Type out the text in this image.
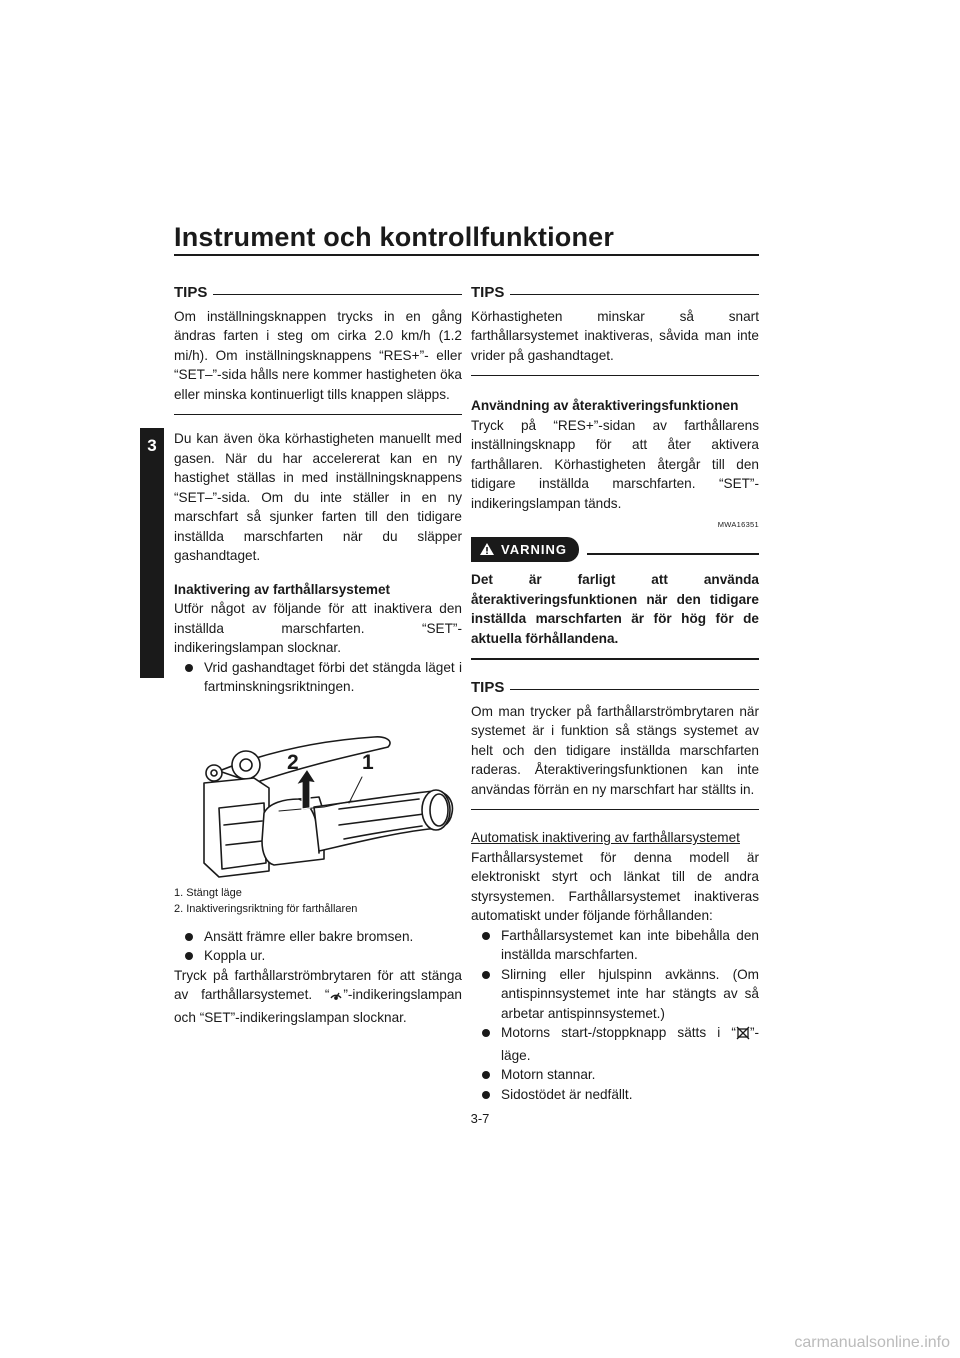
Instrument och kontrollfunktioner
3
TIPS

Om inställningsknappen trycks in en gång ändras farten i steg om cirka 2.0 km/h (1.2 mi/h). Om inställningsknappens “RES+”- eller “SET–”-sida hålls nere kommer hastigheten öka eller minska kontinuerligt tills knappen släpps.

Du kan även öka körhastigheten manuellt med gasen. När du har accelererat kan en ny hastighet ställas in med inställningsknappens “SET–”-sida. Om du inte ställer in en ny marschfart så sjunker farten till den tidigare inställda marschfarten när du släpper gashandtaget.

Inaktivering av farthållarsystemet

Utför något av följande för att inaktivera den inställda marschfarten. “SET”-indikeringslampan slocknar.

Vrid gashandtaget förbi det stängda läget i fartminskningsriktningen.
2	1
1. Stängt läge
2. Inaktiveringsriktning för farthållaren
Ansätt främre eller bakre bromsen.
Koppla ur.

Tryck på farthållarströmbrytaren för att stänga av farthållarsystemet. “ ”-indikeringslampan och “SET”-indikeringslampan slocknar.

TIPS

Körhastigheten minskar så snart farthållarsystemet inaktiveras, såvida man inte vrider på gashandtaget.

Användning av återaktiveringsfunktionen

Tryck på “RES+”-sidan av farthållarens inställningsknapp för att åter aktivera farthållaren. Körhastigheten återgår till den tidigare inställda marschfarten. “SET”-indikeringslampan tänds.

MWA16351
VARNING

Det är farligt att använda återaktiveringsfunktionen när den tidigare inställda marschfarten är för hög för de aktuella förhållandena.

TIPS

Om man trycker på farthållarströmbrytaren när systemet är i funktion så stängs systemet av helt och den tidigare inställda marschfarten raderas. Återaktiveringsfunktionen kan inte användas förrän en ny marschfart har ställts in.

Automatisk inaktivering av farthållarsystemet

Farthållarsystemet för denna modell är elektroniskt styrt och länkat till de andra styrsystemen. Farthållarsystemet inaktiveras automatiskt under följande förhållanden:

Farthållarsystemet kan inte bibehålla den inställda marschfarten.
Slirning eller hjulspinn avkänns. (Om antispinnsystemet inte har stängts av så arbetar antispinnsystemet.)
Motorns start-/stoppknapp sätts i “ ”-läge.
Motorn stannar.
Sidostödet är nedfällt.
3-7
carmanualsonline.info
